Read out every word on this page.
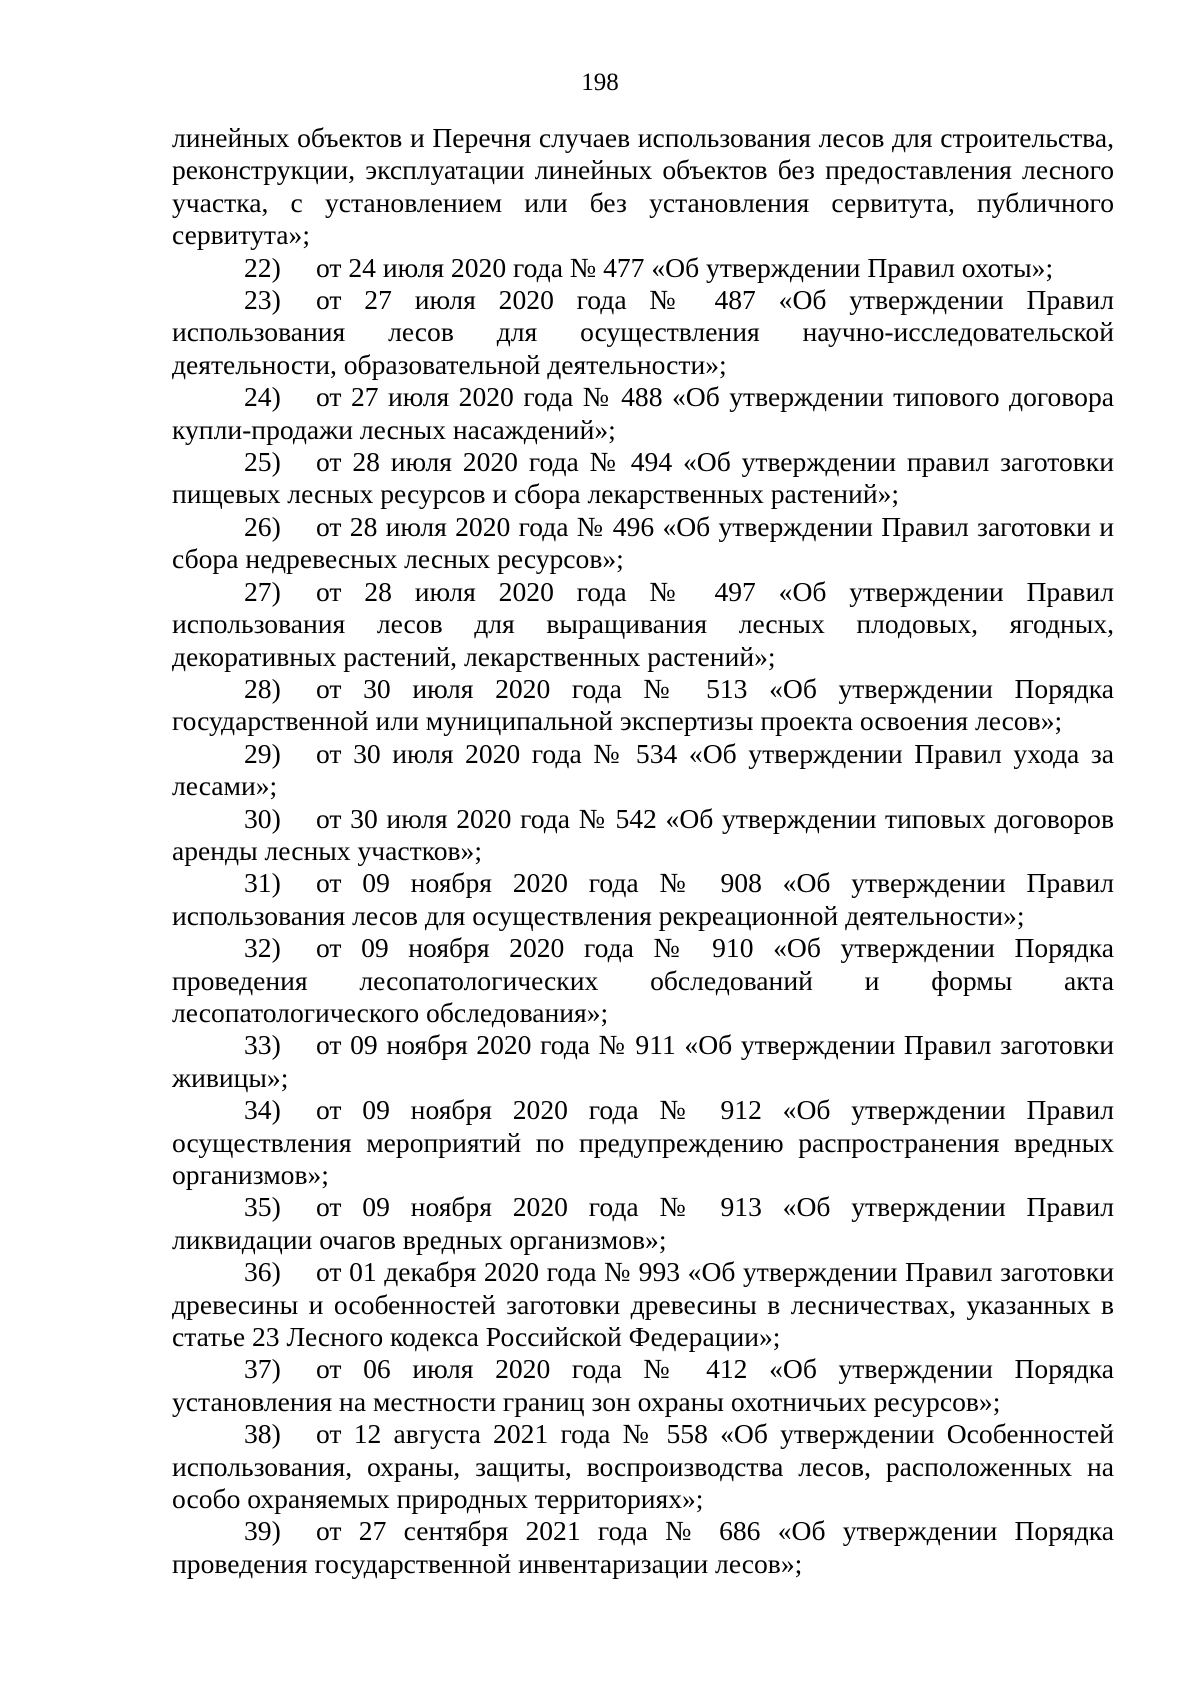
198

линейных объектов и Перечня случаев использования лесов для строительства, реконструкции, эксплуатации линейных объектов без предоставления лесного участка, с установлением или без установления сервитута, публичного сервитута»;

22) от 24 июля 2020 года № 477 «Об утверждении Правил охоты»;

23) от 27 июля 2020 года № 487 «Об утверждении Правил использования лесов для осуществления научно-исследовательской деятельности, образовательной деятельности»;

24) от 27 июля 2020 года № 488 «Об утверждении типового договора купли-продажи лесных насаждений»;

25) от 28 июля 2020 года № 494 «Об утверждении правил заготовки пищевых лесных ресурсов и сбора лекарственных растений»;

26) от 28 июля 2020 года № 496 «Об утверждении Правил заготовки и сбора недревесных лесных ресурсов»;

27) от 28 июля 2020 года № 497 «Об утверждении Правил использования лесов для выращивания лесных плодовых, ягодных, декоративных растений, лекарственных растений»;

28) от 30 июля 2020 года № 513 «Об утверждении Порядка государственной или муниципальной экспертизы проекта освоения лесов»;

29) от 30 июля 2020 года № 534 «Об утверждении Правил ухода за лесами»;

30) от 30 июля 2020 года № 542 «Об утверждении типовых договоров аренды лесных участков»;

31) от 09 ноября 2020 года № 908 «Об утверждении Правил использования лесов для осуществления рекреационной деятельности»;

32) от 09 ноября 2020 года № 910 «Об утверждении Порядка проведения лесопатологических обследований и формы акта лесопатологического обследования»;

33) от 09 ноября 2020 года № 911 «Об утверждении Правил заготовки живицы»;

34) от 09 ноября 2020 года № 912 «Об утверждении Правил осуществления мероприятий по предупреждению распространения вредных организмов»;

35) от 09 ноября 2020 года № 913 «Об утверждении Правил ликвидации очагов вредных организмов»;

36) от 01 декабря 2020 года № 993 «Об утверждении Правил заготовки древесины и особенностей заготовки древесины в лесничествах, указанных в статье 23 Лесного кодекса Российской Федерации»;

37) от 06 июля 2020 года № 412 «Об утверждении Порядка установления на местности границ зон охраны охотничьих ресурсов»;

38) от 12 августа 2021 года № 558 «Об утверждении Особенностей использования, охраны, защиты, воспроизводства лесов, расположенных на особо охраняемых природных территориях»;

39) от 27 сентября 2021 года № 686 «Об утверждении Порядка проведения государственной инвентаризации лесов»;
